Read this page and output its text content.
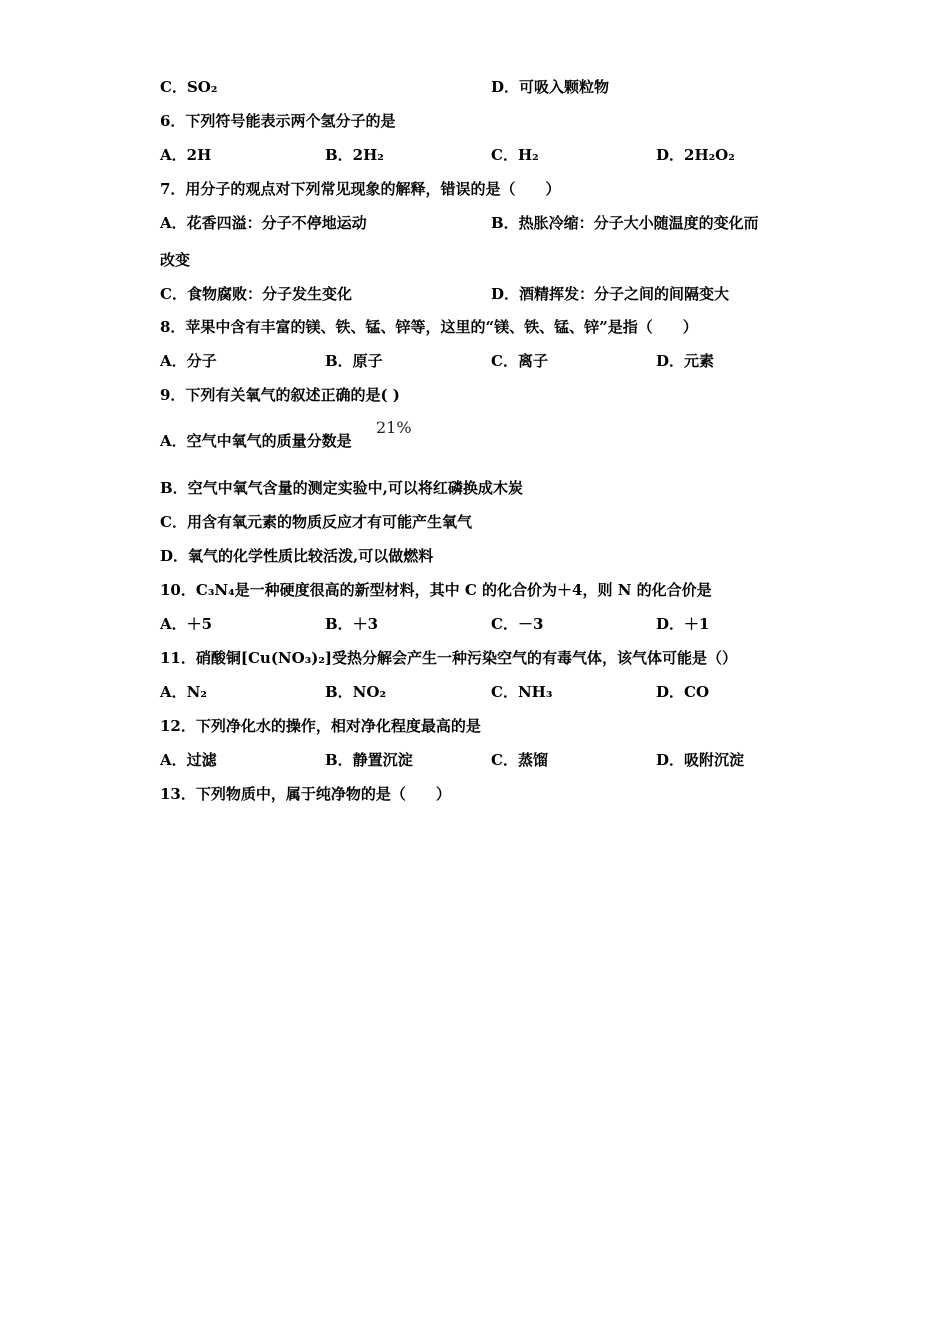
C．SO₂	D．可吸入颗粒物
6．下列符号能表示两个氢分子的是
A．2H	B．2H₂	C．H₂	D．2H₂O₂
7．用分子的观点对下列常见现象的解释，错误的是（　　）
A．花香四溢：分子不停地运动	B．热胀冷缩：分子大小随温度的变化而
改变
C．食物腐败：分子发生变化	D．酒精挥发：分子之间的间隔变大
8．苹果中含有丰富的镁、铁、锰、锌等，这里的“镁、铁、锰、锌”是指（　　）
A．分子	B．原子	C．离子	D．元素
9．下列有关氧气的叙述正确的是( )
A．空气中氧气的质量分数是
21%
B．空气中氧气含量的测定实验中,可以将红磷换成木炭
C．用含有氧元素的物质反应才有可能产生氧气
D．氧气的化学性质比较活泼,可以做燃料
10．C₃N₄是一种硬度很高的新型材料，其中 C 的化合价为＋4，则 N 的化合价是
A．＋5	B．＋3	C．－3	D．＋1
11．硝酸铜[Cu(NO₃)₂]受热分解会产生一种污染空气的有毒气体，该气体可能是（）
A．N₂	B．NO₂	C．NH₃	D．CO
12．下列净化水的操作，相对净化程度最高的是
A．过滤	B．静置沉淀	C．蒸馏	D．吸附沉淀
13．下列物质中，属于纯净物的是（　　）
